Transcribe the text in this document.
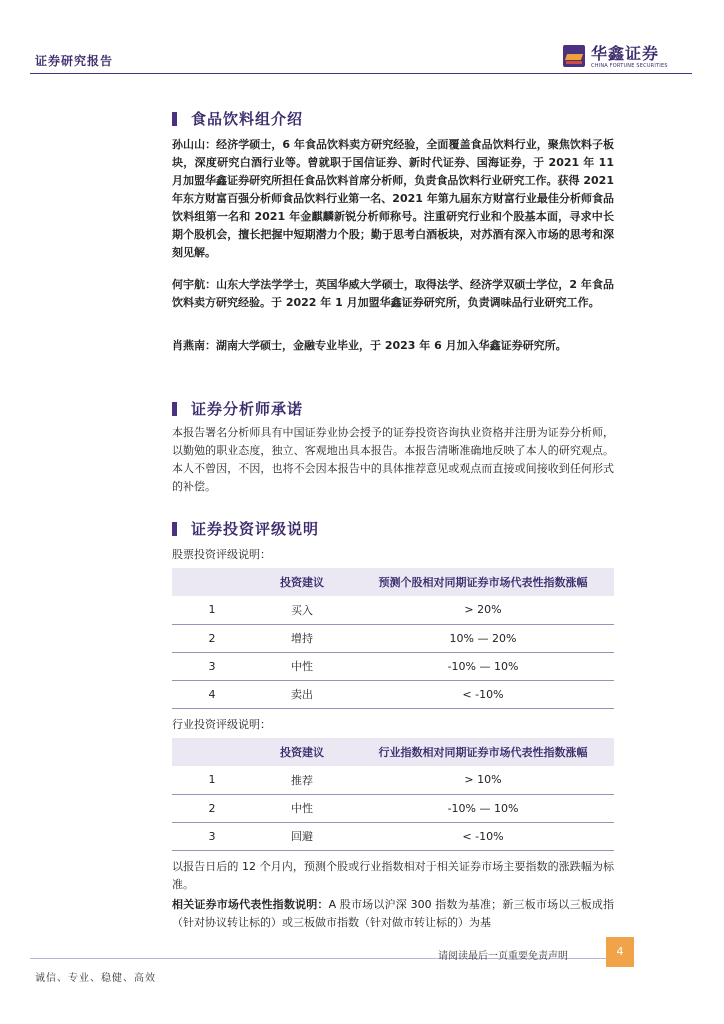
证券研究报告	华鑫证券
CHINA FORTUNE SECURITIES
食品饮料组介绍
孙山山：经济学硕士，6 年食品饮料卖方研究经验，全面覆盖食品饮料行业，聚焦饮料子板块，深度研究白酒行业等。曾就职于国信证券、新时代证券、国海证券，于 2021 年 11 月加盟华鑫证券研究所担任食品饮料首席分析师，负责食品饮料行业研究工作。获得 2021 年东方财富百强分析师食品饮料行业第一名、2021 年第九届东方财富行业最佳分析师食品饮料组第一名和 2021 年金麒麟新锐分析师称号。注重研究行业和个股基本面，寻求中长期个股机会，擅长把握中短期潜力个股；勤于思考白酒板块，对苏酒有深入市场的思考和深刻见解。
何宇航：山东大学法学学士，英国华威大学硕士，取得法学、经济学双硕士学位，2 年食品饮料卖方研究经验。于 2022 年 1 月加盟华鑫证券研究所，负责调味品行业研究工作。
肖燕南：湖南大学硕士，金融专业毕业，于 2023 年 6 月加入华鑫证券研究所。
证券分析师承诺
本报告署名分析师具有中国证券业协会授予的证券投资咨询执业资格并注册为证券分析师，以勤勉的职业态度，独立、客观地出具本报告。本报告清晰准确地反映了本人的研究观点。本人不曾因，不因，也将不会因本报告中的具体推荐意见或观点而直接或间接收到任何形式的补偿。
证券投资评级说明
股票投资评级说明：
	投资建议	预测个股相对同期证券市场代表性指数涨幅
1	买入	> 20%
2	增持	10% — 20%
3	中性	-10% — 10%
4	卖出	< -10%
行业投资评级说明：
	投资建议	行业指数相对同期证券市场代表性指数涨幅
1	推荐	> 10%
2	中性	-10% — 10%
3	回避	< -10%
以报告日后的 12 个月内，预测个股或行业指数相对于相关证券市场主要指数的涨跌幅为标准。
相关证券市场代表性指数说明：A 股市场以沪深 300 指数为基准；新三板市场以三板成指（针对协议转让标的）或三板做市指数（针对做市转让标的）为基
请阅读最后一页重要免责声明	4
诚信、专业、稳健、高效
